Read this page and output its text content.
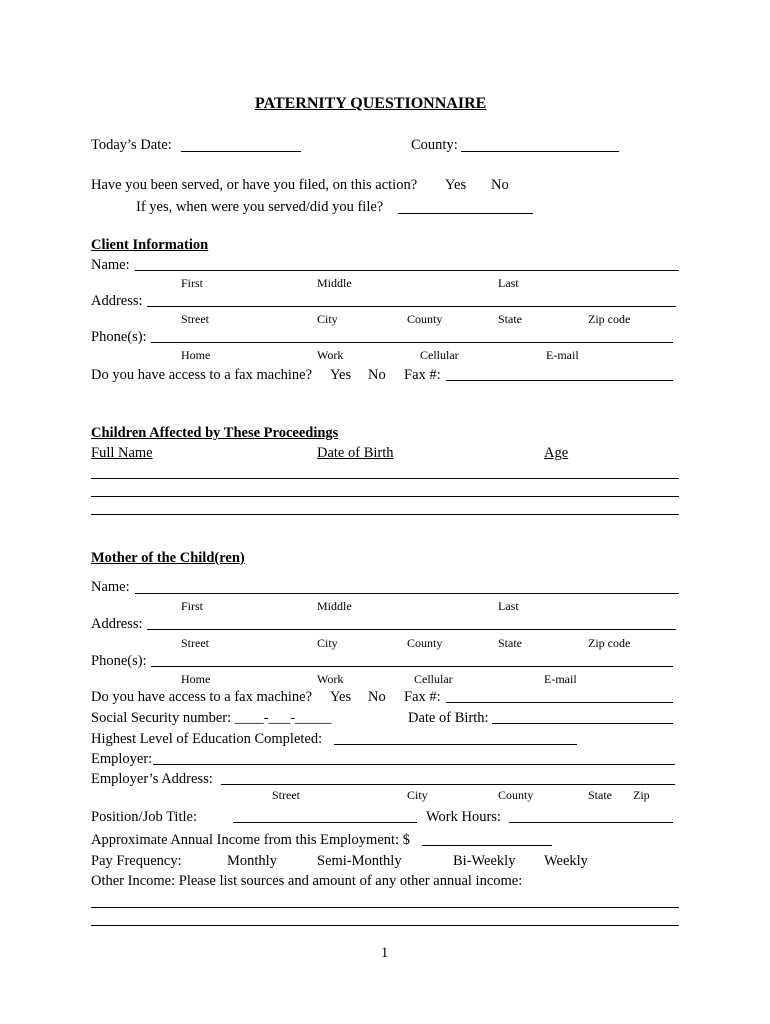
PATERNITY QUESTIONNAIRE
Today’s Date:	County:
Have you been served, or have you filed, on this action? Yes No
If yes, when were you served/did you file?
Client Information
Name:
First	Middle	Last
Address:
Street	City	County	State	Zip code
Phone(s):
Home	Work	Cellular	E-mail
Do you have access to a fax machine? Yes No Fax #:
Children Affected by These Proceedings
Full Name	Date of Birth	Age
Mother of the Child(ren)
Name:
First	Middle	Last
Address:
Street	City	County	State	Zip code
Phone(s):
Home	Work	Cellular	E-mail
Do you have access to a fax machine? Yes No Fax #:
Social Security number: ____-___-_____	Date of Birth:
Highest Level of Education Completed:
Employer:
Employer’s Address:
Street	City	County	State Zip
Position/Job Title:	Work Hours:
Approximate Annual Income from this Employment: $
Pay Frequency:	Monthly	Semi-Monthly	Bi-Weekly Weekly
Other Income: Please list sources and amount of any other annual income:
1
